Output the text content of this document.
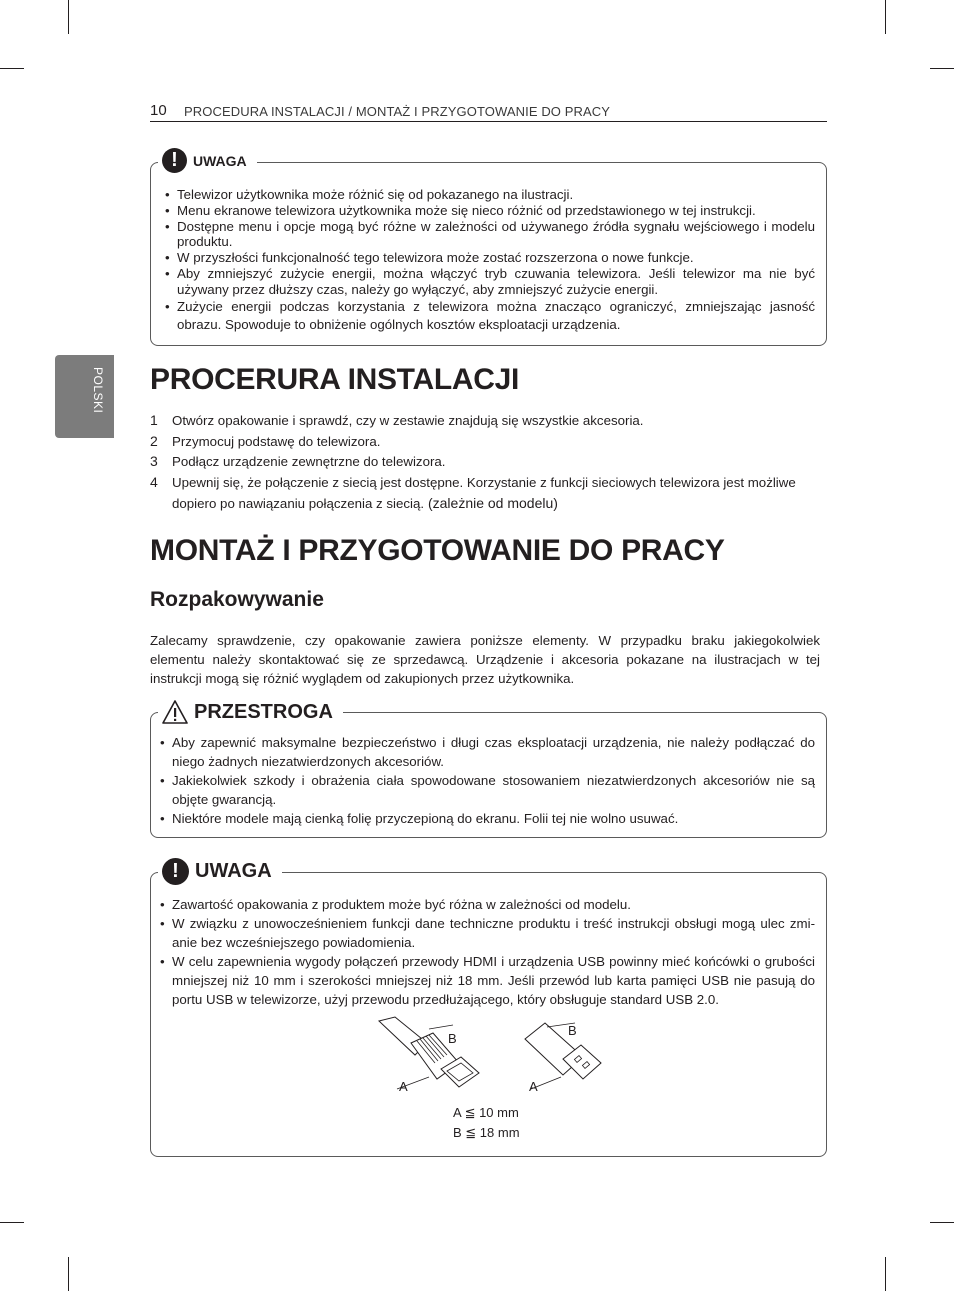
10 PROCEDURA INSTALACJI / MONTAŻ I PRZYGOTOWANIE DO PRACY
POLSKI
!	UWAGA
• Telewizor użytkownika może różnić się od pokazanego na ilustracji.
• Menu ekranowe telewizora użytkownika może się nieco różnić od przedstawionego w tej instrukcji.
• Dostępne menu i opcje mogą być różne w zależności od używanego źródła sygnału wejściowego i modelu produktu.
• W przyszłości funkcjonalność tego telewizora może zostać rozszerzona o nowe funkcje.
• Aby zmniejszyć zużycie energii, można włączyć tryb czuwania telewizora. Jeśli telewizor ma nie być używany przez dłuższy czas, należy go wyłączyć, aby zmniejszyć zużycie energii.
• Zużycie energii podczas korzystania z telewizora można znacząco ograniczyć, zmniejszając jasność obrazu. Spowoduje to obniżenie ogólnych kosztów eksploatacji urządzenia.
PROCERURA INSTALACJI
1 Otwórz opakowanie i sprawdź, czy w zestawie znajdują się wszystkie akcesoria.
2 Przymocuj podstawę do telewizora.
3 Podłącz urządzenie zewnętrzne do telewizora.
4 Upewnij się, że połączenie z siecią jest dostępne. Korzystanie z funkcji sieciowych telewizora jest możliwe dopiero po nawiązaniu połączenia z siecią. (zależnie od modelu)
MONTAŻ I PRZYGOTOWANIE DO PRACY
Rozpakowywanie
Zalecamy sprawdzenie, czy opakowanie zawiera poniższe elementy. W przypadku braku jakiegokolwiek elementu należy skontaktować się ze sprzedawcą. Urządzenie i akcesoria pokazane na ilustracjach w tej instrukcji mogą się różnić wyglądem od zakupionych przez użytkownika.
PRZESTROGA
• Aby zapewnić maksymalne bezpieczeństwo i długi czas eksploatacji urządzenia, nie należy podłączać do niego żadnych niezatwierdzonych akcesoriów.
• Jakiekolwiek szkody i obrażenia ciała spowodowane stosowaniem niezatwierdzonych akcesoriów nie są objęte gwarancją.
• Niektóre modele mają cienką folię przyczepioną do ekranu. Folii tej nie wolno usuwać.
! UWAGA
• Zawartość opakowania z produktem może być różna w zależności od modelu.
• W związku z unowocześnieniem funkcji dane techniczne produktu i treść instrukcji obsługi mogą ulec zmi-anie bez wcześniejszego powiadomienia.
• W celu zapewnienia wygody połączeń przewody HDMI i urządzenia USB powinny mieć końcówki o grubości mniejszej niż 10 mm i szerokości mniejszej niż 18 mm. Jeśli przewód lub karta pamięci USB nie pasują do portu USB w telewizorze, użyj przewodu przedłużającego, który obsługuje standard USB 2.0.
A
B
A
B
A ≦ 10 mm
B ≦ 18 mm
